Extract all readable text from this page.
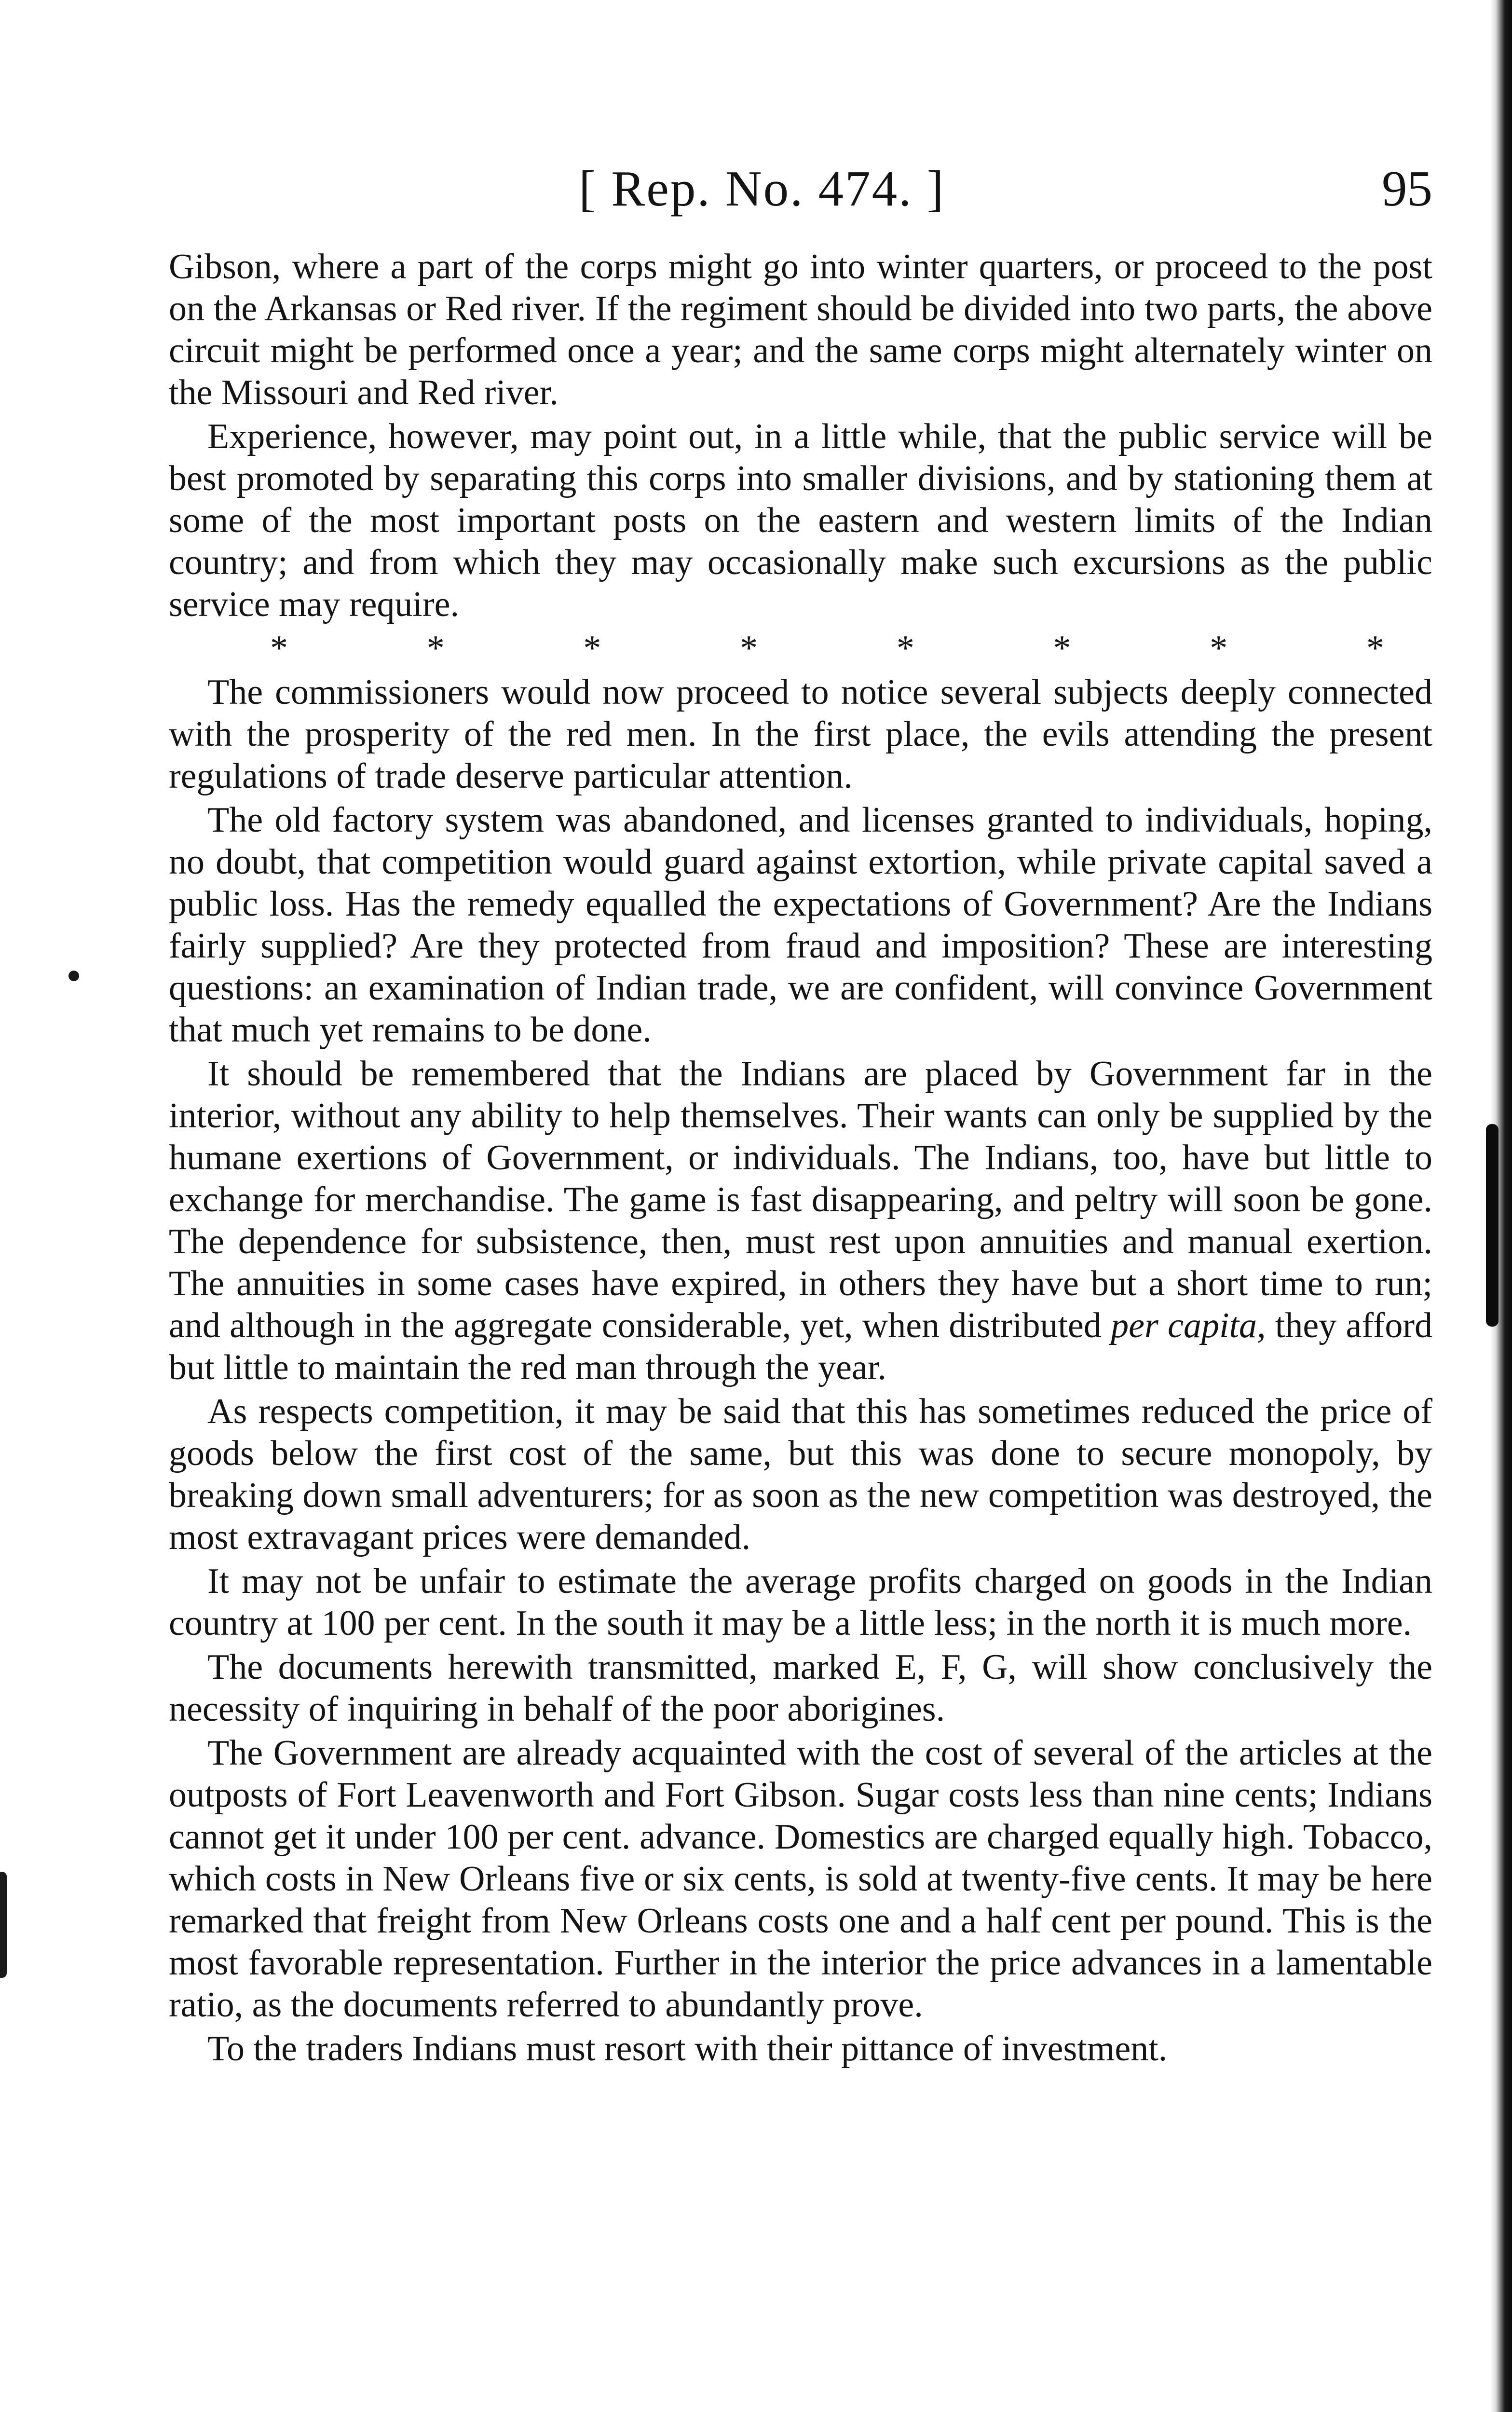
[ Rep. No. 474. ]	95

Gibson, where a part of the corps might go into winter quarters, or proceed to the post on the Arkansas or Red river. If the regiment should be divided into two parts, the above circuit might be performed once a year; and the same corps might alternately winter on the Missouri and Red river.

Experience, however, may point out, in a little while, that the public service will be best promoted by separating this corps into smaller divisions, and by stationing them at some of the most important posts on the eastern and western limits of the Indian country; and from which they may occasionally make such excursions as the public service may require.

*	*	*	*	*	*	*	*

The commissioners would now proceed to notice several subjects deeply connected with the prosperity of the red men. In the first place, the evils attending the present regulations of trade deserve particular attention.

The old factory system was abandoned, and licenses granted to individuals, hoping, no doubt, that competition would guard against extortion, while private capital saved a public loss. Has the remedy equalled the expectations of Government? Are the Indians fairly supplied? Are they protected from fraud and imposition? These are interesting questions: an examination of Indian trade, we are confident, will convince Government that much yet remains to be done.

It should be remembered that the Indians are placed by Government far in the interior, without any ability to help themselves. Their wants can only be supplied by the humane exertions of Government, or individuals. The Indians, too, have but little to exchange for merchandise. The game is fast disappearing, and peltry will soon be gone. The dependence for subsistence, then, must rest upon annuities and manual exertion. The annuities in some cases have expired, in others they have but a short time to run; and although in the aggregate considerable, yet, when distributed per capita, they afford but little to maintain the red man through the year.

As respects competition, it may be said that this has sometimes reduced the price of goods below the first cost of the same, but this was done to secure monopoly, by breaking down small adventurers; for as soon as the new competition was destroyed, the most extravagant prices were demanded.

It may not be unfair to estimate the average profits charged on goods in the Indian country at 100 per cent. In the south it may be a little less; in the north it is much more.

The documents herewith transmitted, marked E, F, G, will show conclusively the necessity of inquiring in behalf of the poor aborigines.

The Government are already acquainted with the cost of several of the articles at the outposts of Fort Leavenworth and Fort Gibson. Sugar costs less than nine cents; Indians cannot get it under 100 per cent. advance. Domestics are charged equally high. Tobacco, which costs in New Orleans five or six cents, is sold at twenty-five cents. It may be here remarked that freight from New Orleans costs one and a half cent per pound. This is the most favorable representation. Further in the interior the price advances in a lamentable ratio, as the documents referred to abundantly prove.

To the traders Indians must resort with their pittance of investment.
